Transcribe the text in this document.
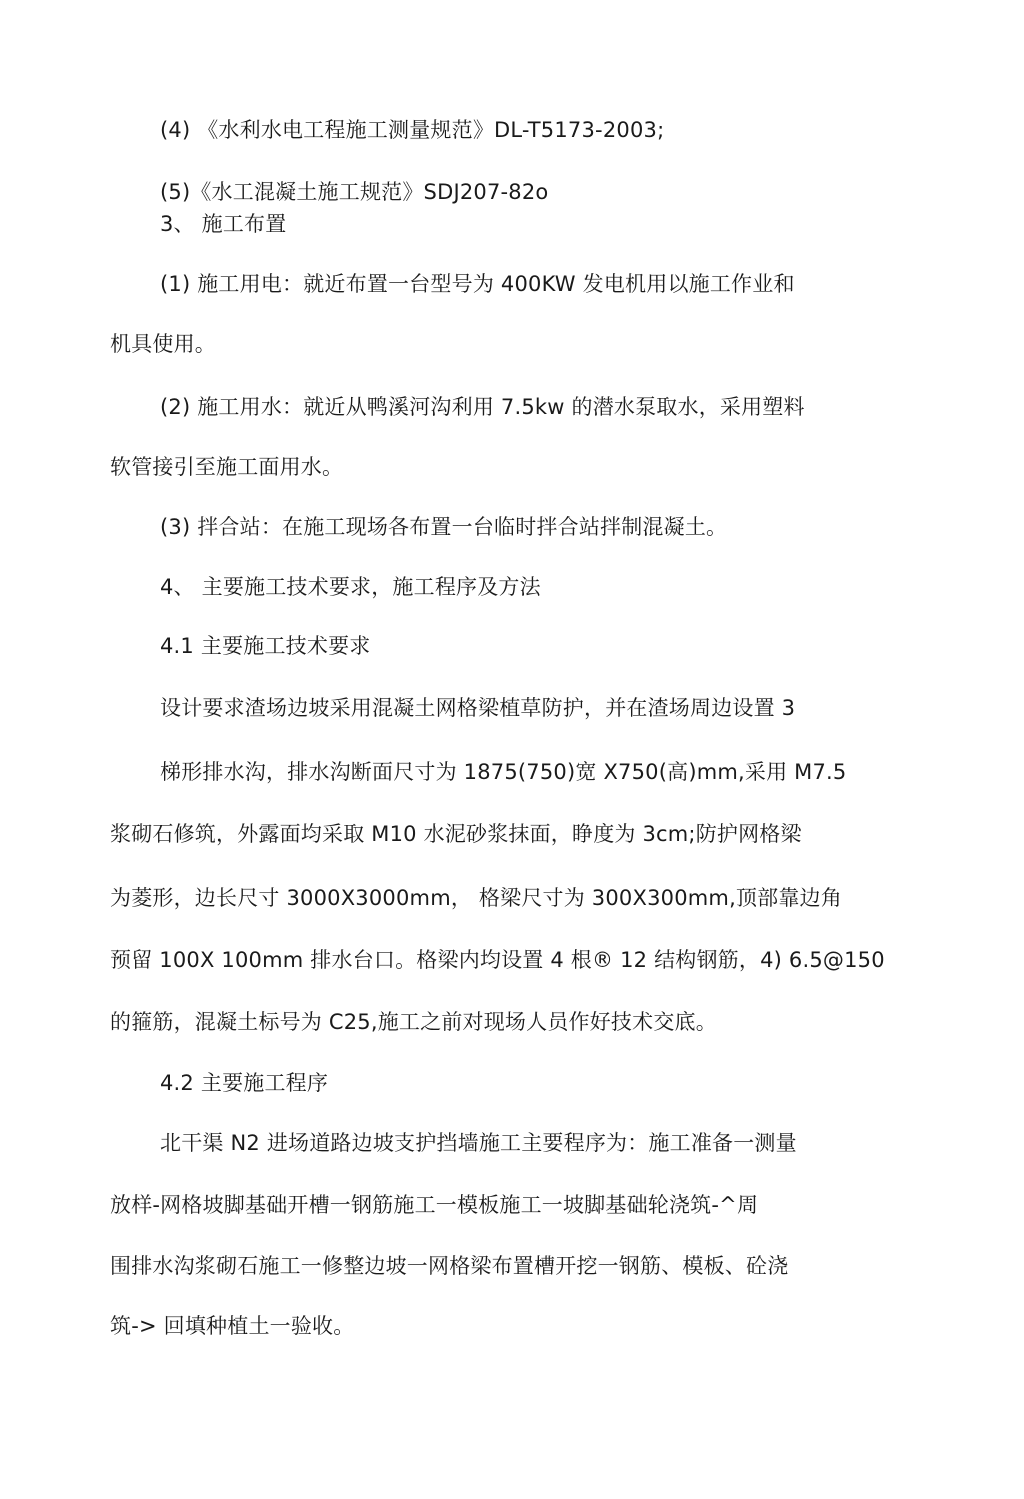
(4) 《水利水电工程施工测量规范》DL-T5173-2003;
(5)《水工混凝土施工规范》SDJ207-82o
3、 施工布置
(1) 施工用电：就近布置一台型号为 400KW 发电机用以施工作业和
机具使用。
(2) 施工用水：就近从鸭溪河沟利用 7.5kw 的潜水泵取水，采用塑料
软管接引至施工面用水。
(3) 拌合站：在施工现场各布置一台临时拌合站拌制混凝土。
4、 主要施工技术要求，施工程序及方法
4.1 主要施工技术要求
设计要求渣场边坡采用混凝土网格梁植草防护，并在渣场周边设置 3
梯形排水沟，排水沟断面尺寸为 1875(750)宽 X750(高)mm,采用 M7.5
浆砌石修筑，外露面均采取 M10 水泥砂浆抹面，睁度为 3cm;防护网格梁
为菱形，边长尺寸 3000X3000mm， 格梁尺寸为 300X300mm,顶部靠边角
预留 100X 100mm 排水台口。格梁内均设置 4 根® 12 结构钢筋，4) 6.5@150
的箍筋，混凝土标号为 C25,施工之前对现场人员作好技术交底。
4.2 主要施工程序
北干渠 N2 进场道路边坡支护挡墙施工主要程序为：施工准备一测量
放样-网格坡脚基础开槽一钢筋施工一模板施工一坡脚基础轮浇筑-^周
围排水沟浆砌石施工一修整边坡一网格梁布置槽开挖一钢筋、模板、砼浇
筑-> 回填种植土一验收。
